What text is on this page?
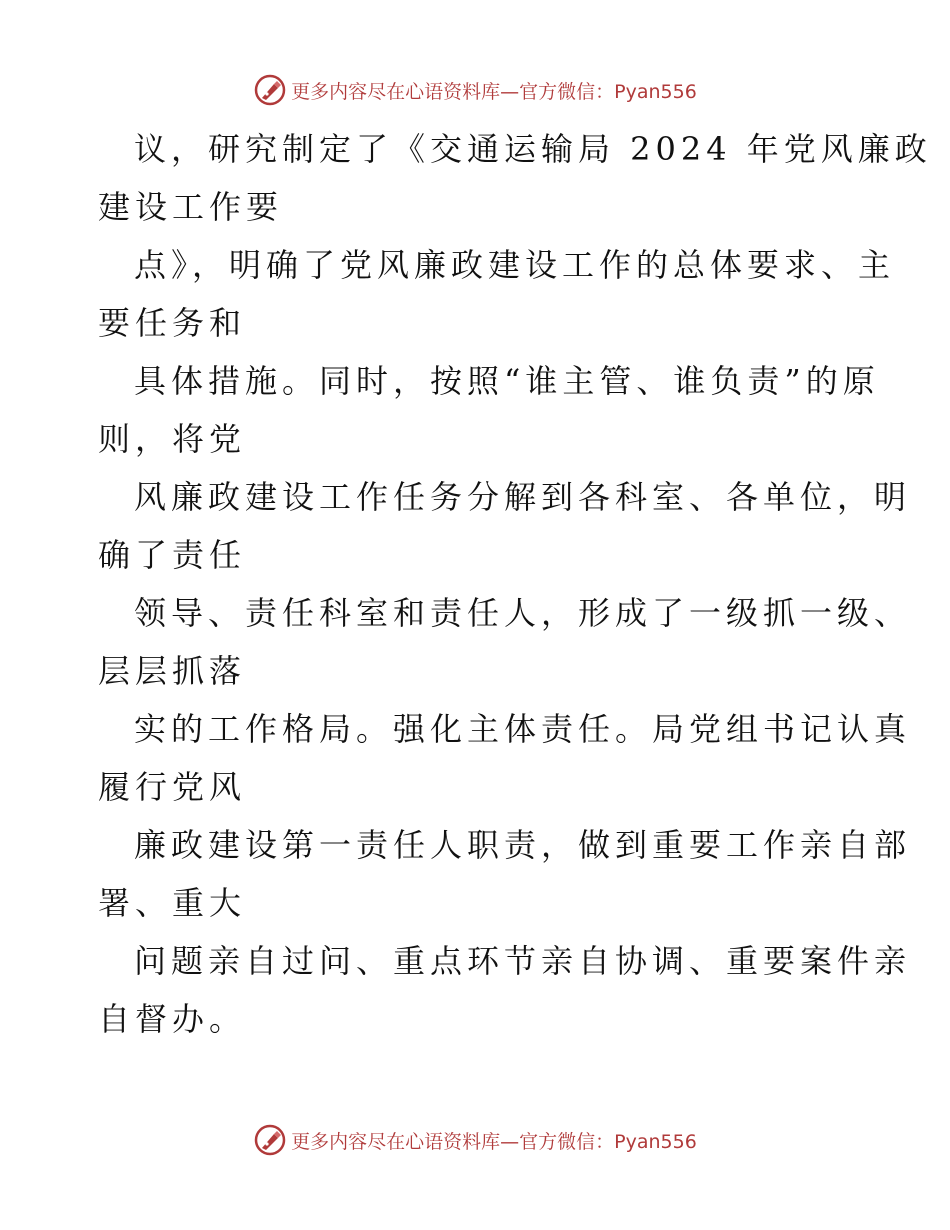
更多内容尽在心语资料库—官方微信：Pyan556
议，研究制定了《交通运输局 2024 年党风廉政
建设工作要
点》，明确了党风廉政建设工作的总体要求、主
要任务和
具体措施。同时，按照“谁主管、谁负责”的原
则，将党
风廉政建设工作任务分解到各科室、各单位，明
确了责任
领导、责任科室和责任人，形成了一级抓一级、
层层抓落
实的工作格局。强化主体责任。局党组书记认真
履行党风
廉政建设第一责任人职责，做到重要工作亲自部
署、重大
问题亲自过问、重点环节亲自协调、重要案件亲
自督办。
更多内容尽在心语资料库—官方微信：Pyan556
